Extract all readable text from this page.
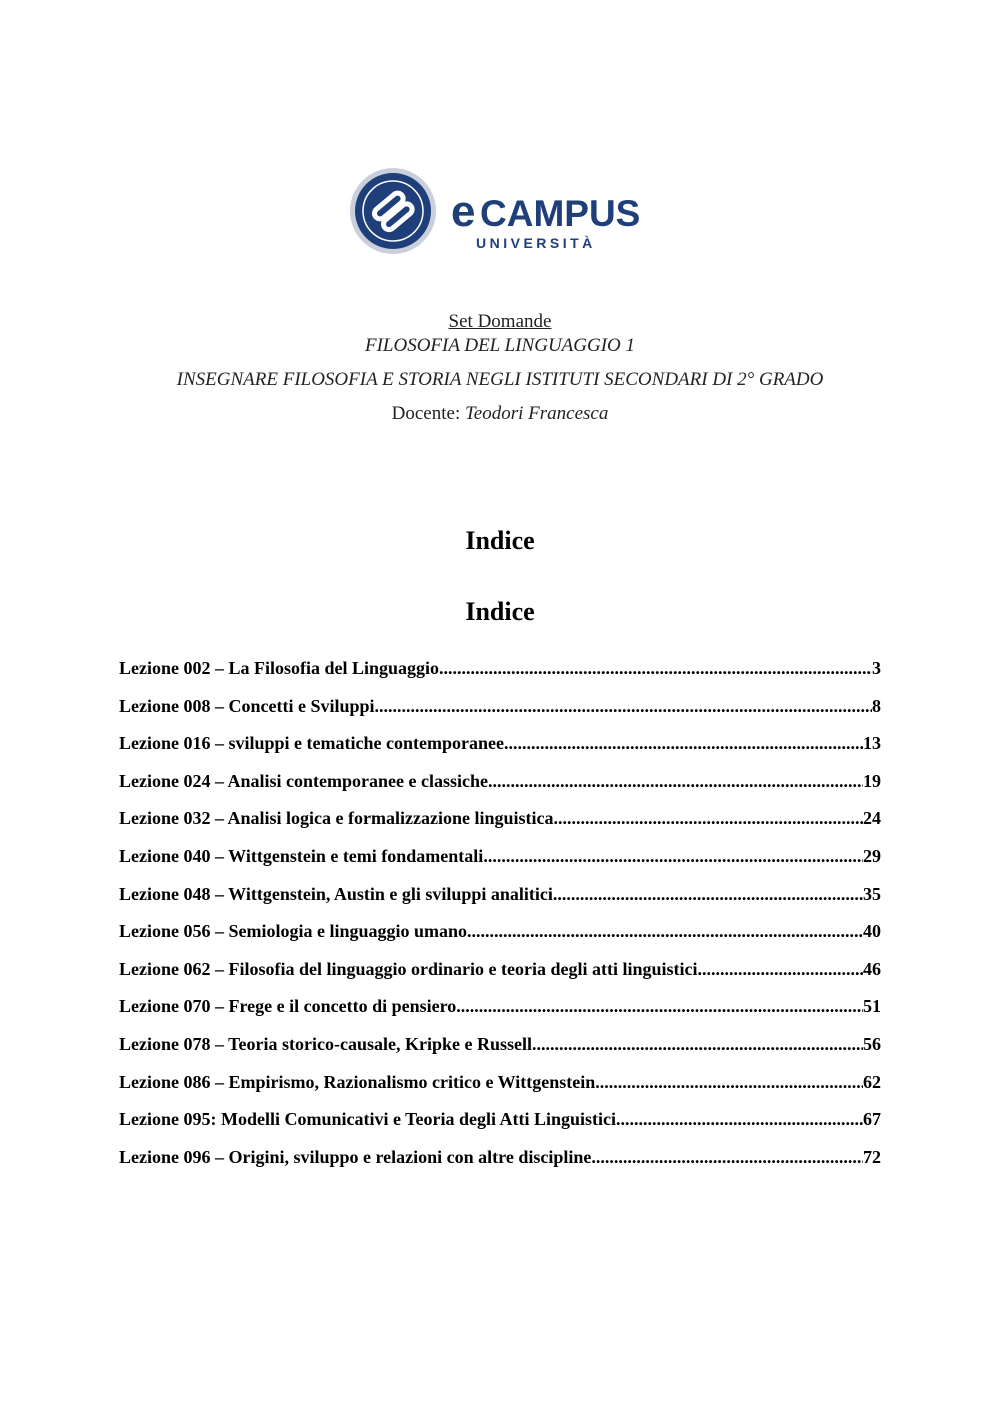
e CAMPUS
UNIVERSITÀ
Set Domande
FILOSOFIA DEL LINGUAGGIO 1
INSEGNARE FILOSOFIA E STORIA NEGLI ISTITUTI SECONDARI DI 2° GRADO
Docente: Teodori Francesca
Indice
Indice
Lezione 002 – La Filosofia del Linguaggio .....	3
Lezione 008 – Concetti e Sviluppi .....	8
Lezione 016 – sviluppi e tematiche contemporanee .....	13
Lezione 024 – Analisi contemporanee e classiche .....	19
Lezione 032 – Analisi logica e formalizzazione linguistica .....	24
Lezione 040 – Wittgenstein e temi fondamentali .....	29
Lezione 048 – Wittgenstein, Austin e gli sviluppi analitici .....	35
Lezione 056 – Semiologia e linguaggio umano .....	40
Lezione 062 – Filosofia del linguaggio ordinario e teoria degli atti linguistici .....	46
Lezione 070 – Frege e il concetto di pensiero .....	51
Lezione 078 – Teoria storico-causale, Kripke e Russell .....	56
Lezione 086 – Empirismo, Razionalismo critico e Wittgenstein .....	62
Lezione 095: Modelli Comunicativi e Teoria degli Atti Linguistici .....	67
Lezione 096 – Origini, sviluppo e relazioni con altre discipline .....	72
